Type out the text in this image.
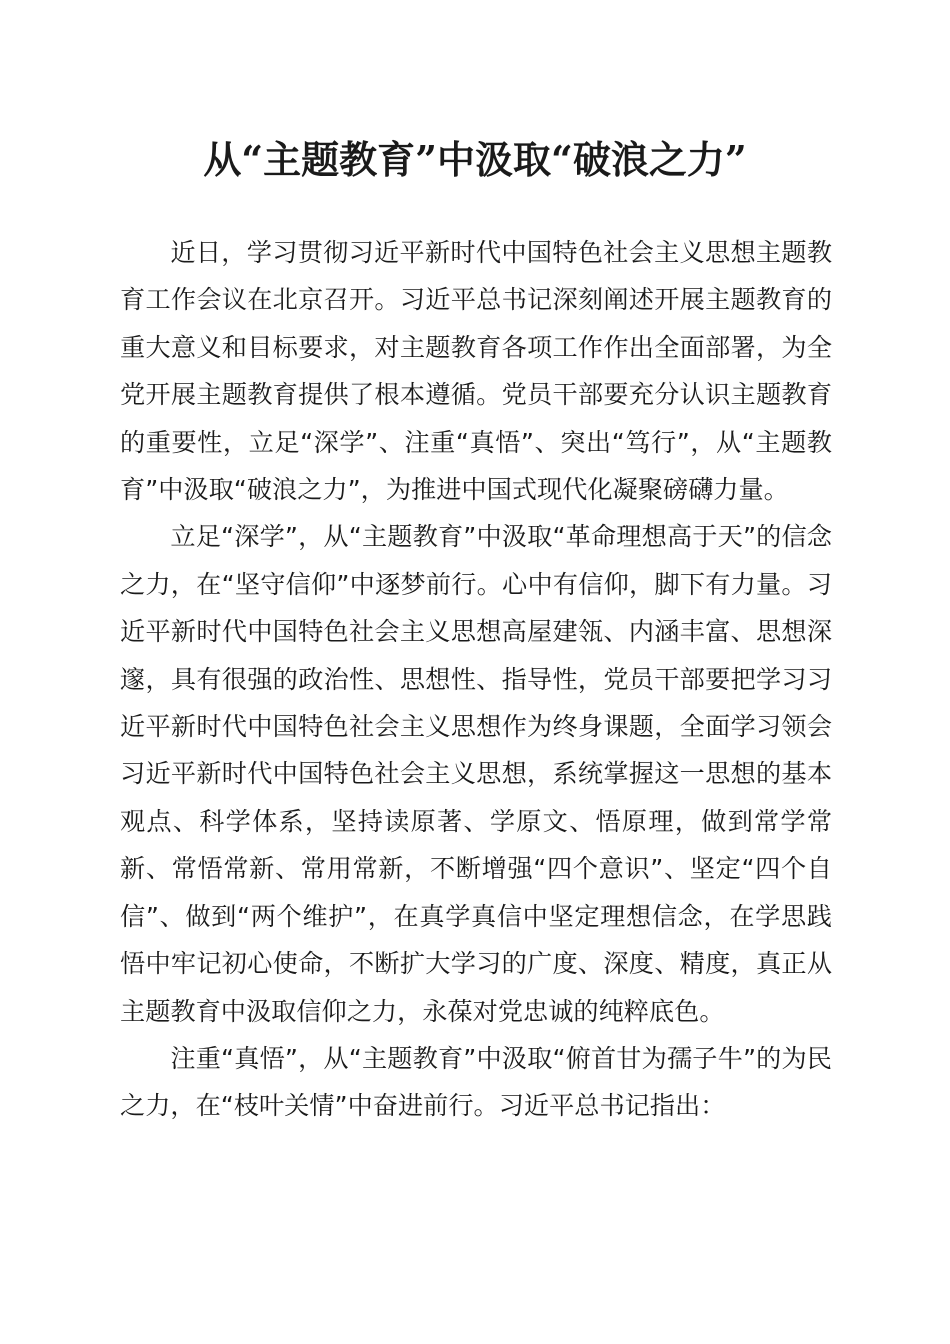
从“主题教育”中汲取“破浪之力”

近日，学习贯彻习近平新时代中国特色社会主义思想主题教育工作会议在北京召开。习近平总书记深刻阐述开展主题教育的重大意义和目标要求，对主题教育各项工作作出全面部署，为全党开展主题教育提供了根本遵循。党员干部要充分认识主题教育的重要性，立足“深学”、注重“真悟”、突出“笃行”，从“主题教育”中汲取“破浪之力”，为推进中国式现代化凝聚磅礴力量。

立足“深学”，从“主题教育”中汲取“革命理想高于天”的信念之力，在“坚守信仰”中逐梦前行。心中有信仰，脚下有力量。习近平新时代中国特色社会主义思想高屋建瓴、内涵丰富、思想深邃，具有很强的政治性、思想性、指导性，党员干部要把学习习近平新时代中国特色社会主义思想作为终身课题，全面学习领会习近平新时代中国特色社会主义思想，系统掌握这一思想的基本观点、科学体系，坚持读原著、学原文、悟原理，做到常学常新、常悟常新、常用常新，不断增强“四个意识”、坚定“四个自信”、做到“两个维护”，在真学真信中坚定理想信念，在学思践悟中牢记初心使命，不断扩大学习的广度、深度、精度，真正从主题教育中汲取信仰之力，永葆对党忠诚的纯粹底色。

注重“真悟”，从“主题教育”中汲取“俯首甘为孺子牛”的为民之力，在“枝叶关情”中奋进前行。习近平总书记指出：
